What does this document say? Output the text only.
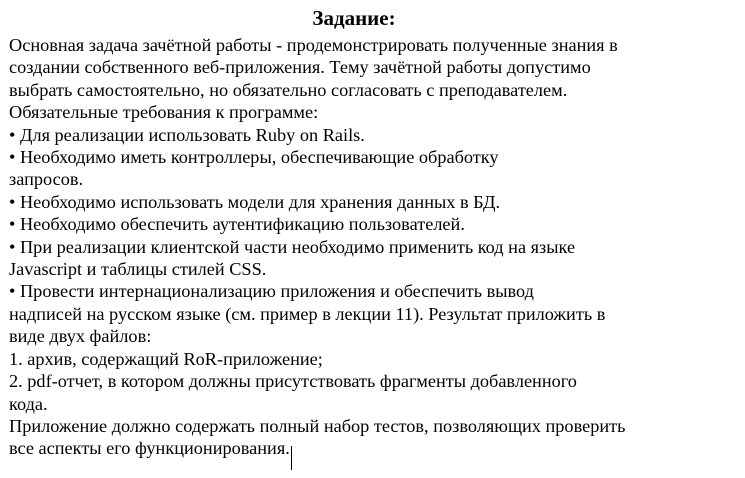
Задание:
Основная задача зачётной работы - продемонстрировать полученные знания в
создании собственного веб-приложения. Тему зачётной работы допустимо
выбрать самостоятельно, но обязательно согласовать с преподавателем.
Обязательные требования к программе:
• Для реализации использовать Ruby on Rails.
• Необходимо иметь контроллеры, обеспечивающие обработку
запросов.
• Необходимо использовать модели для хранения данных в БД.
• Необходимо обеспечить аутентификацию пользователей.
• При реализации клиентской части необходимо применить код на языке
Javascript и таблицы стилей CSS.
• Провести интернационализацию приложения и обеспечить вывод
надписей на русском языке (см. пример в лекции 11). Результат приложить в
виде двух файлов:
1. архив, содержащий RoR-приложение;
2. pdf-отчет, в котором должны присутствовать фрагменты добавленного
кода.
Приложение должно содержать полный набор тестов, позволяющих проверить
все аспекты его функционирования.
